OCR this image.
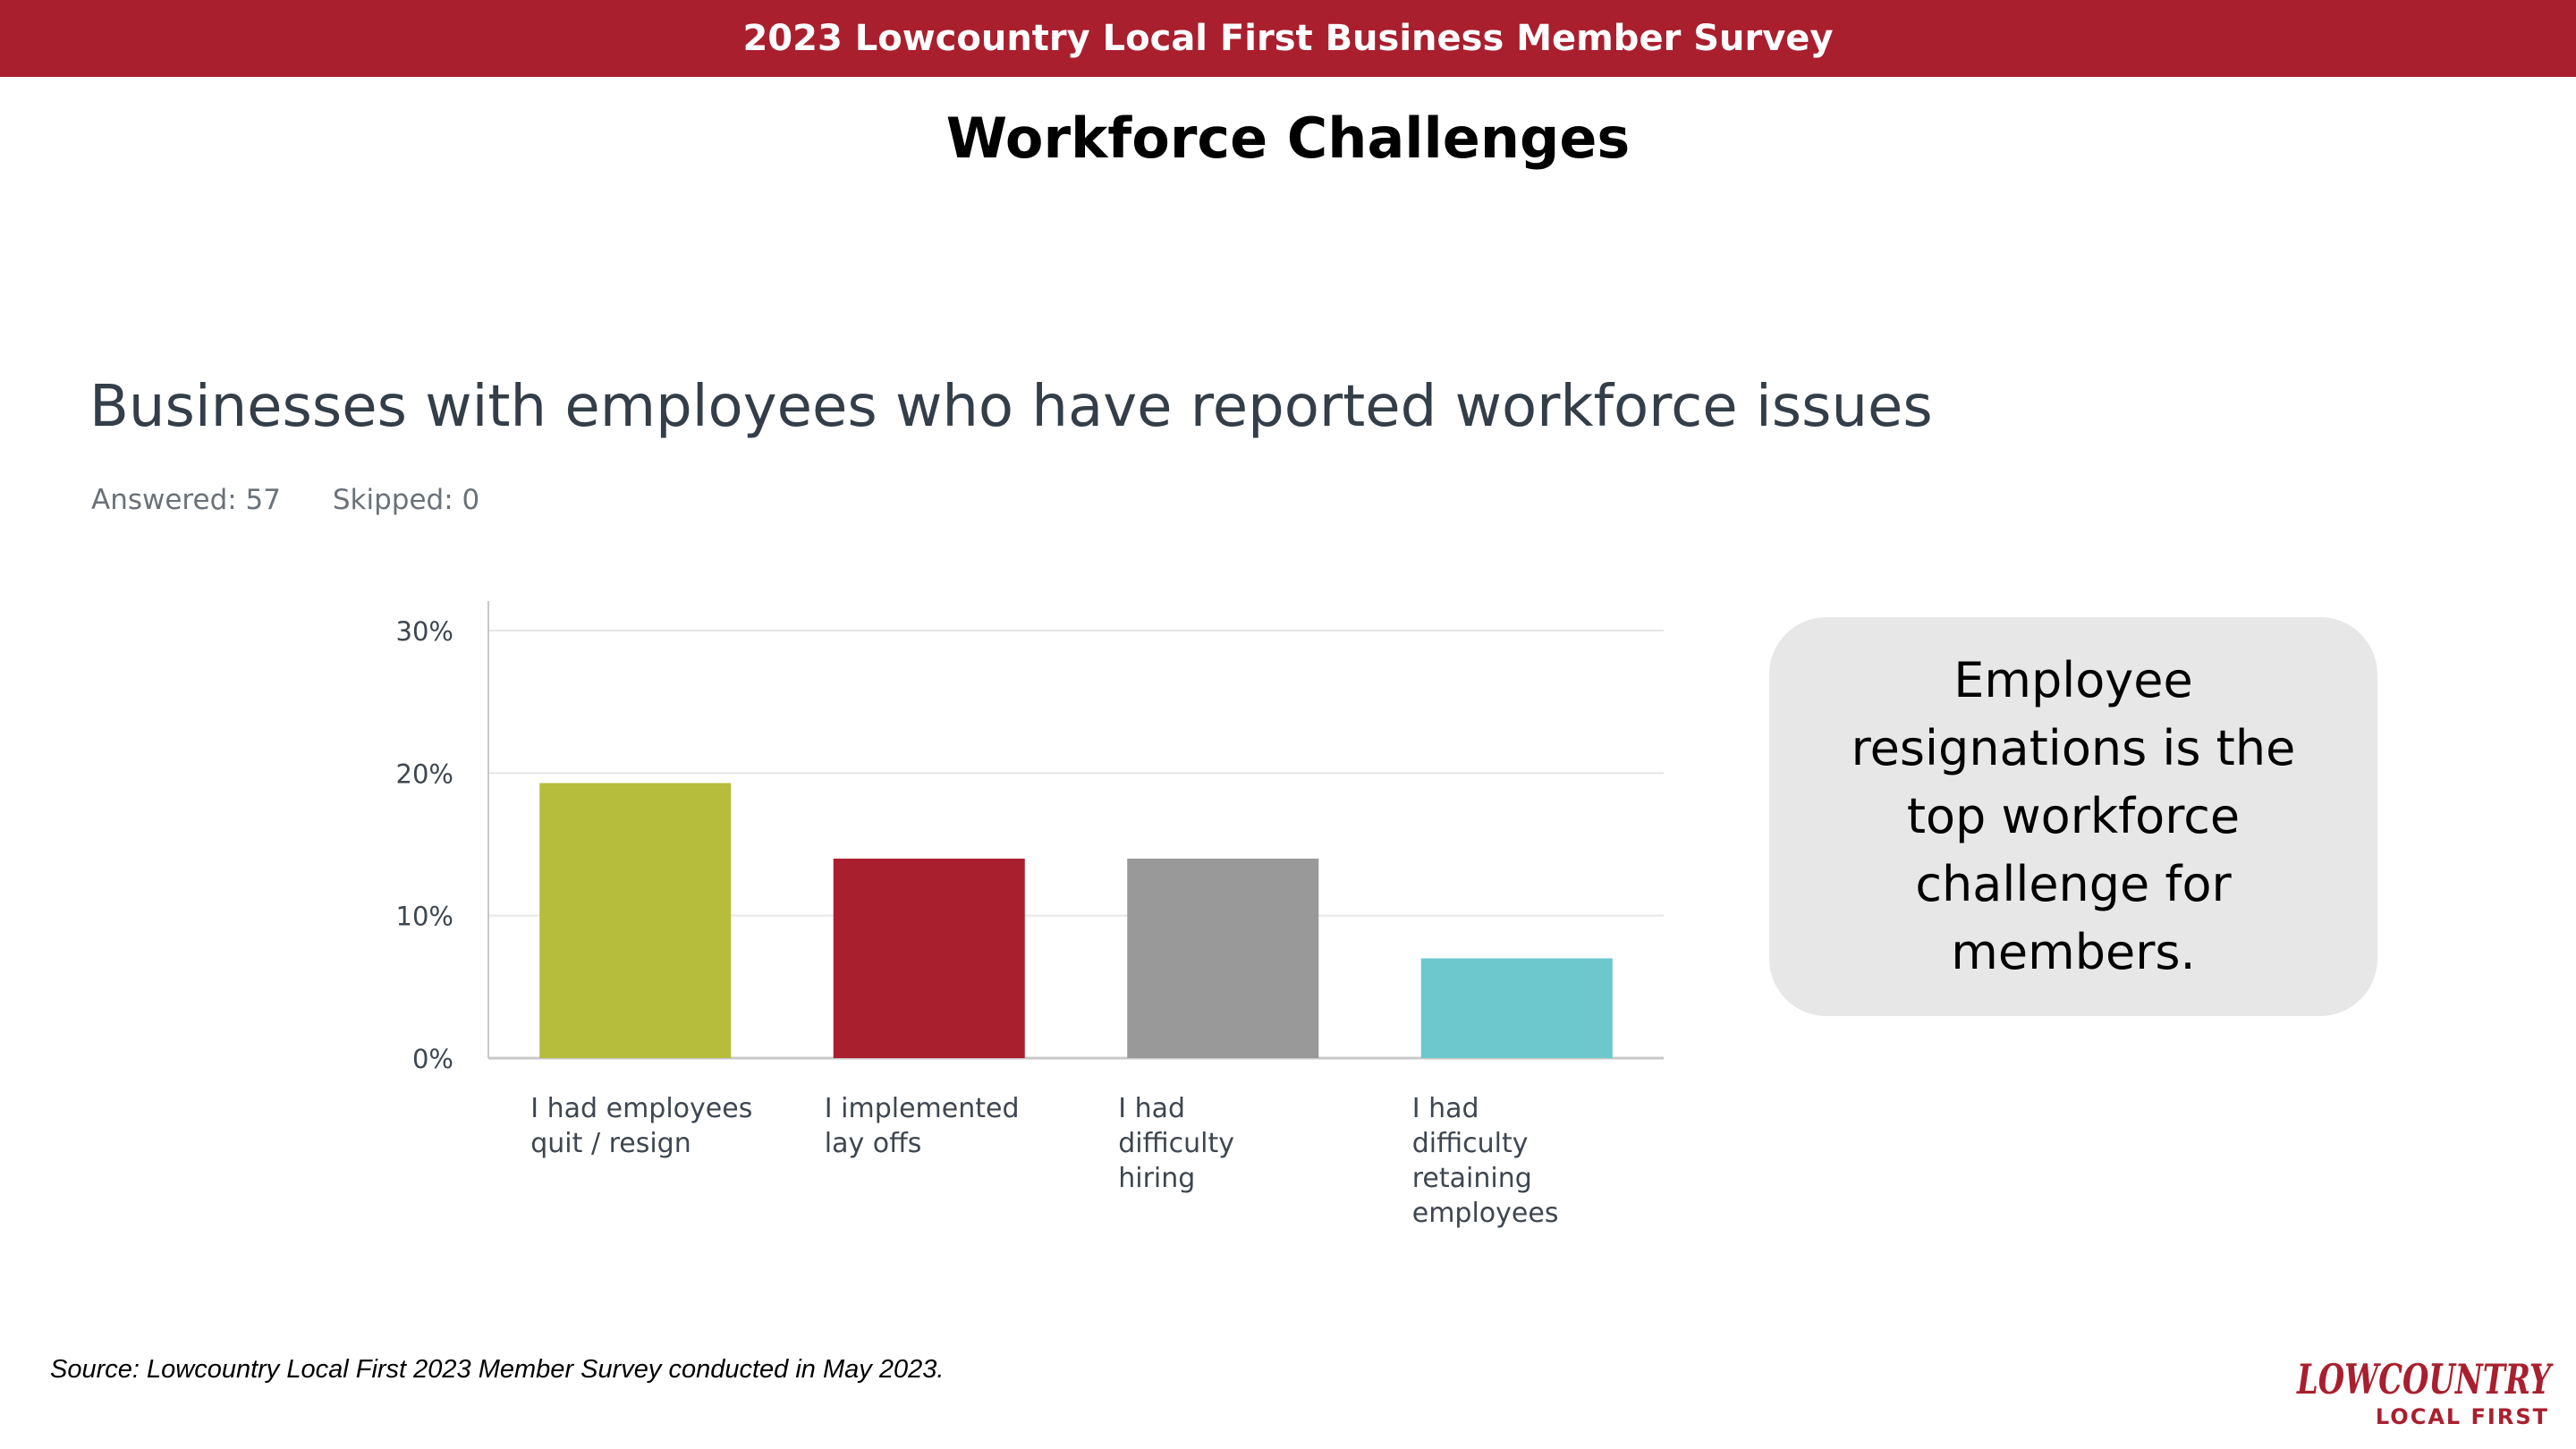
2023 Lowcountry Local First Business Member Survey
Workforce Challenges
Businesses with employees who have reported workforce issues
Answered: 57 Skipped: 0
0%
10%
20%
30%
I had employees quit / resign
I implemented lay offs
I had difficulty hiring
I had difficulty retaining employees
Employee resignations is the top workforce challenge for members.
Source: Lowcountry Local First 2023 Member Survey conducted in May 2023.	LOWCOUNTRY
LOCAL FIRST
